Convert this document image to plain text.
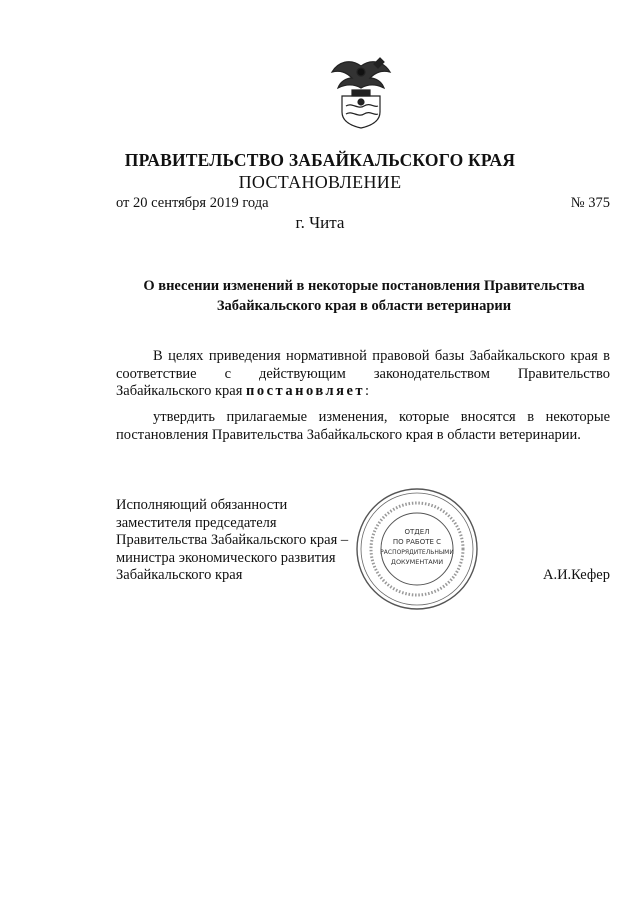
ПРАВИТЕЛЬСТВО ЗАБАЙКАЛЬСКОГО КРАЯ
ПОСТАНОВЛЕНИЕ
от 20 сентября 2019 года	№ 375
г. Чита
О внесении изменений в некоторые постановления Правительства
Забайкальского края в области ветеринарии
В целях приведения нормативной правовой базы Забайкальского края в
соответствие с действующим законодательством Правительство
Забайкальского края постановляет:
утвердить прилагаемые изменения, которые вносятся в некоторые
постановления Правительства Забайкальского края в области ветеринарии.
Исполняющий обязанности
заместителя председателя
Правительства Забайкальского края –
министра экономического развития
Забайкальского края	А.И.Кефер
ОТДЕЛ
ПО РАБОТЕ С
РАСПОРЯДИТЕЛЬНЫМИ
ДОКУМЕНТАМИ
